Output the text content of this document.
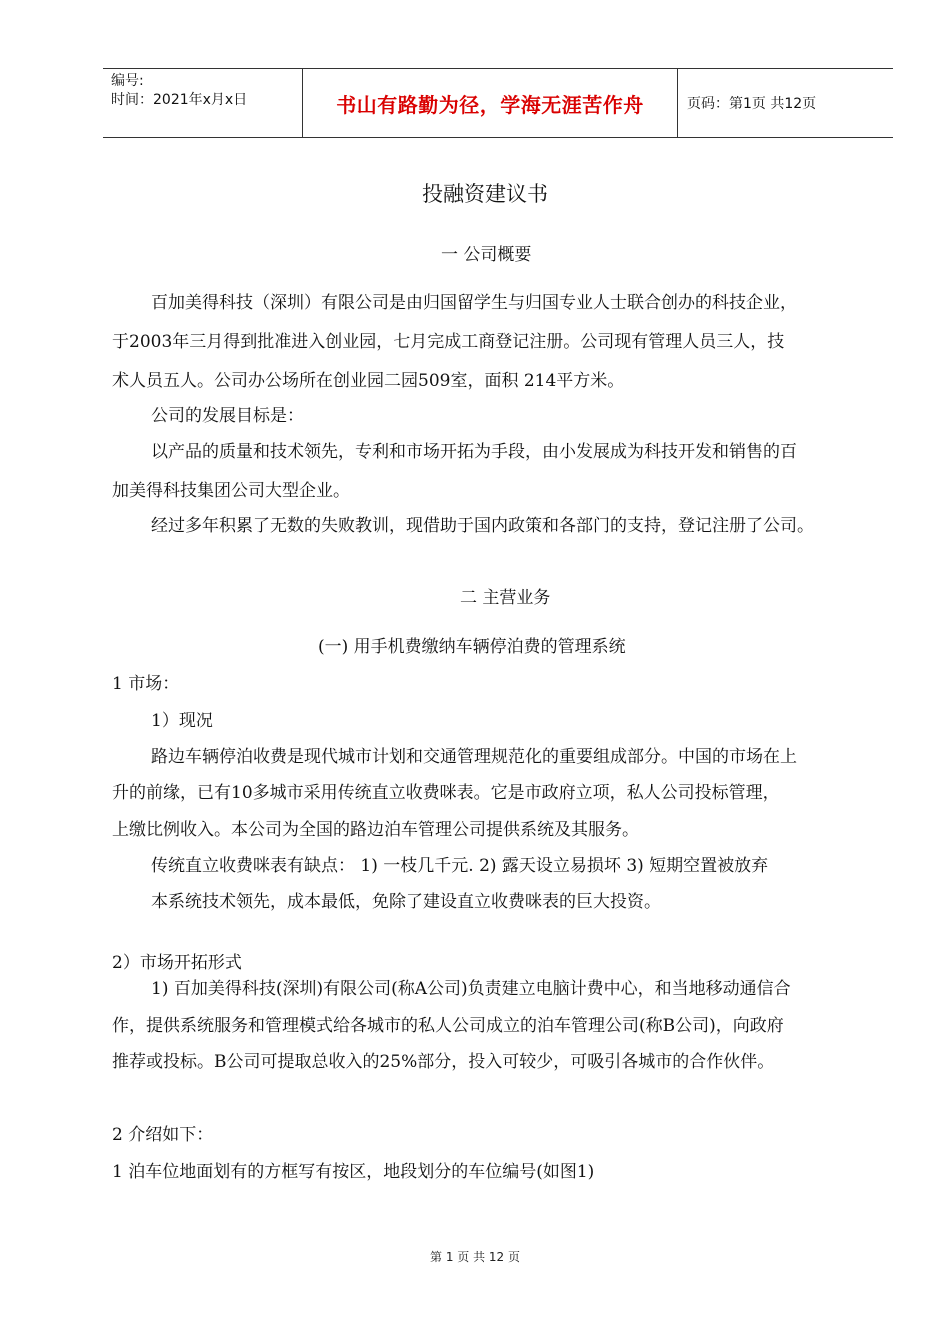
编号:
时间：2021年x月x日	书山有路勤为径，学海无涯苦作舟	页码：第1页 共12页
投融资建议书
一 公司概要
百加美得科技（深圳）有限公司是由归国留学生与归国专业人士联合创办的科技企业，
于2003年三月得到批准进入创业园，七月完成工商登记注册。公司现有管理人员三人，技
术人员五人。公司办公场所在创业园二园509室，面积 214平方米。
公司的发展目标是：
以产品的质量和技术领先，专利和市场开拓为手段，由小发展成为科技开发和销售的百
加美得科技集团公司大型企业。
经过多年积累了无数的失败教训，现借助于国内政策和各部门的支持，登记注册了公司。
二 主营业务
(一) 用手机费缴纳车辆停泊费的管理系统
1 市场：
1）现况
路边车辆停泊收费是现代城市计划和交通管理规范化的重要组成部分。中国的市场在上
升的前缘，已有10多城市采用传统直立收费咪表。它是市政府立项，私人公司投标管理，
上缴比例收入。本公司为全国的路边泊车管理公司提供系统及其服务。
传统直立收费咪表有缺点： 1) 一枝几千元. 2) 露天设立易损坏 3) 短期空置被放弃
本系统技术领先，成本最低，免除了建设直立收费咪表的巨大投资。
2）市场开拓形式
1) 百加美得科技(深圳)有限公司(称A公司)负责建立电脑计费中心，和当地移动通信合
作，提供系统服务和管理模式给各城市的私人公司成立的泊车管理公司(称B公司)，向政府
推荐或投标。B公司可提取总收入的25%部分，投入可较少，可吸引各城市的合作伙伴。
2 介绍如下：
1 泊车位地面划有的方框写有按区，地段划分的车位编号(如图1)
第 1 页 共 12 页
